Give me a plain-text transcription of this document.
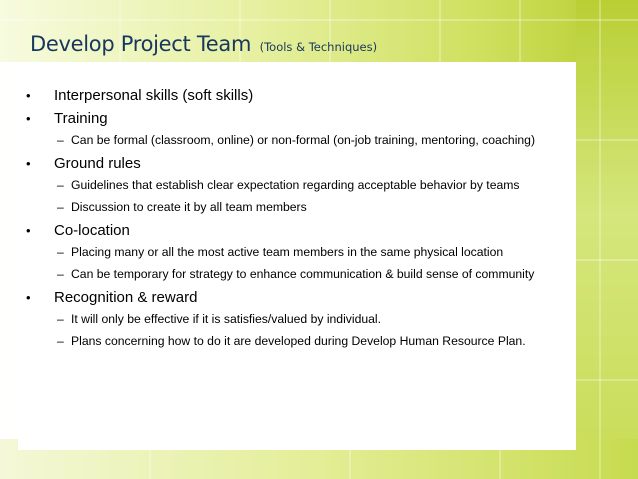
Develop Project Team (Tools & Techniques)
• Interpersonal skills (soft skills)
• Training
– Can be formal (classroom, online) or non-formal (on-job training, mentoring, coaching)
• Ground rules
– Guidelines that establish clear expectation regarding acceptable behavior by teams
– Discussion to create it by all team members
• Co-location
– Placing many or all the most active team members in the same physical location
– Can be temporary for strategy to enhance communication & build sense of community
• Recognition & reward
– It will only be effective if it is satisfies/valued by individual.
– Plans concerning how to do it are developed during Develop Human Resource Plan.
